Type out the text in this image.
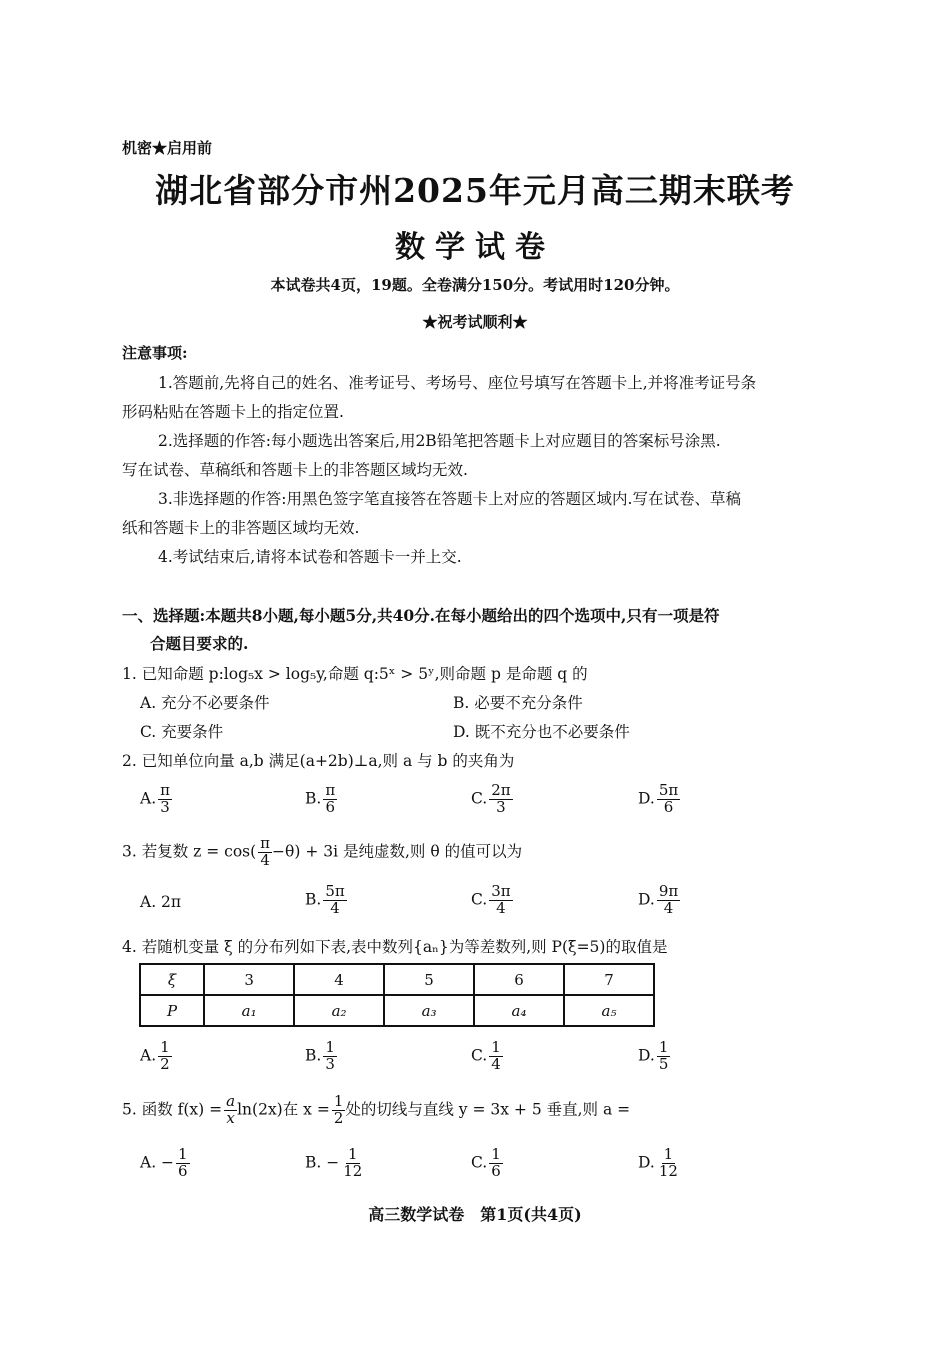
机密★启用前
湖北省部分市州2025年元月高三期末联考
数学试卷
本试卷共4页，19题。全卷满分150分。考试用时120分钟。
★祝考试顺利★
注意事项:
1.答题前,先将自己的姓名、准考证号、考场号、座位号填写在答题卡上,并将准考证号条
形码粘贴在答题卡上的指定位置.
2.选择题的作答:每小题选出答案后,用2B铅笔把答题卡上对应题目的答案标号涂黑.
写在试卷、草稿纸和答题卡上的非答题区域均无效.
3.非选择题的作答:用黑色签字笔直接答在答题卡上对应的答题区域内.写在试卷、草稿
纸和答题卡上的非答题区域均无效.
4.考试结束后,请将本试卷和答题卡一并上交.
一、选择题:本题共8小题,每小题5分,共40分.在每小题给出的四个选项中,只有一项是符
合题目要求的.
1. 已知命题 p:log₅x > log₅y,命题 q:5ˣ > 5ʸ,则命题 p 是命题 q 的
A. 充分不必要条件	B. 必要不充分条件
C. 充要条件	D. 既不充分也不必要条件
2. 已知单位向量 a,b 满足(a+2b)⊥a,则 a 与 b 的夹角为
A. $\frac{\pi}{3}$	B. $\frac{\pi}{6}$	C. $\frac{2\pi}{3}$	D. $\frac{5\pi}{6}$
3. 若复数 $z = \cos( \frac{\pi}{4} -\theta) + 3i$ 是纯虚数,则 θ 的值可以为
A. 2π	B. $\frac{5\pi}{4}$	C. $\frac{3\pi}{4}$	D. $\frac{9\pi}{4}$
4. 若随机变量 ξ 的分布列如下表,表中数列{aₙ}为等差数列,则 P(ξ=5)的取值是
ξ	3	4	5	6	7
P	a₁	a₂	a₃	a₄	a₅
A. $\frac{1}{2}$	B. $\frac{1}{3}$	C. $\frac{1}{4}$	D. $\frac{1}{5}$
5. 函数 $f(x) = \frac{a}{x} \ln(2x)$在 $x = \frac{1}{2}$ 处的切线与直线 y = 3x + 5 垂直,则 a =
A. − $\frac{1}{6}$	B. − $\frac{1}{12}$	C. $\frac{1}{6}$	D. $\frac{1}{12}$
高三数学试卷　第1页(共4页)
